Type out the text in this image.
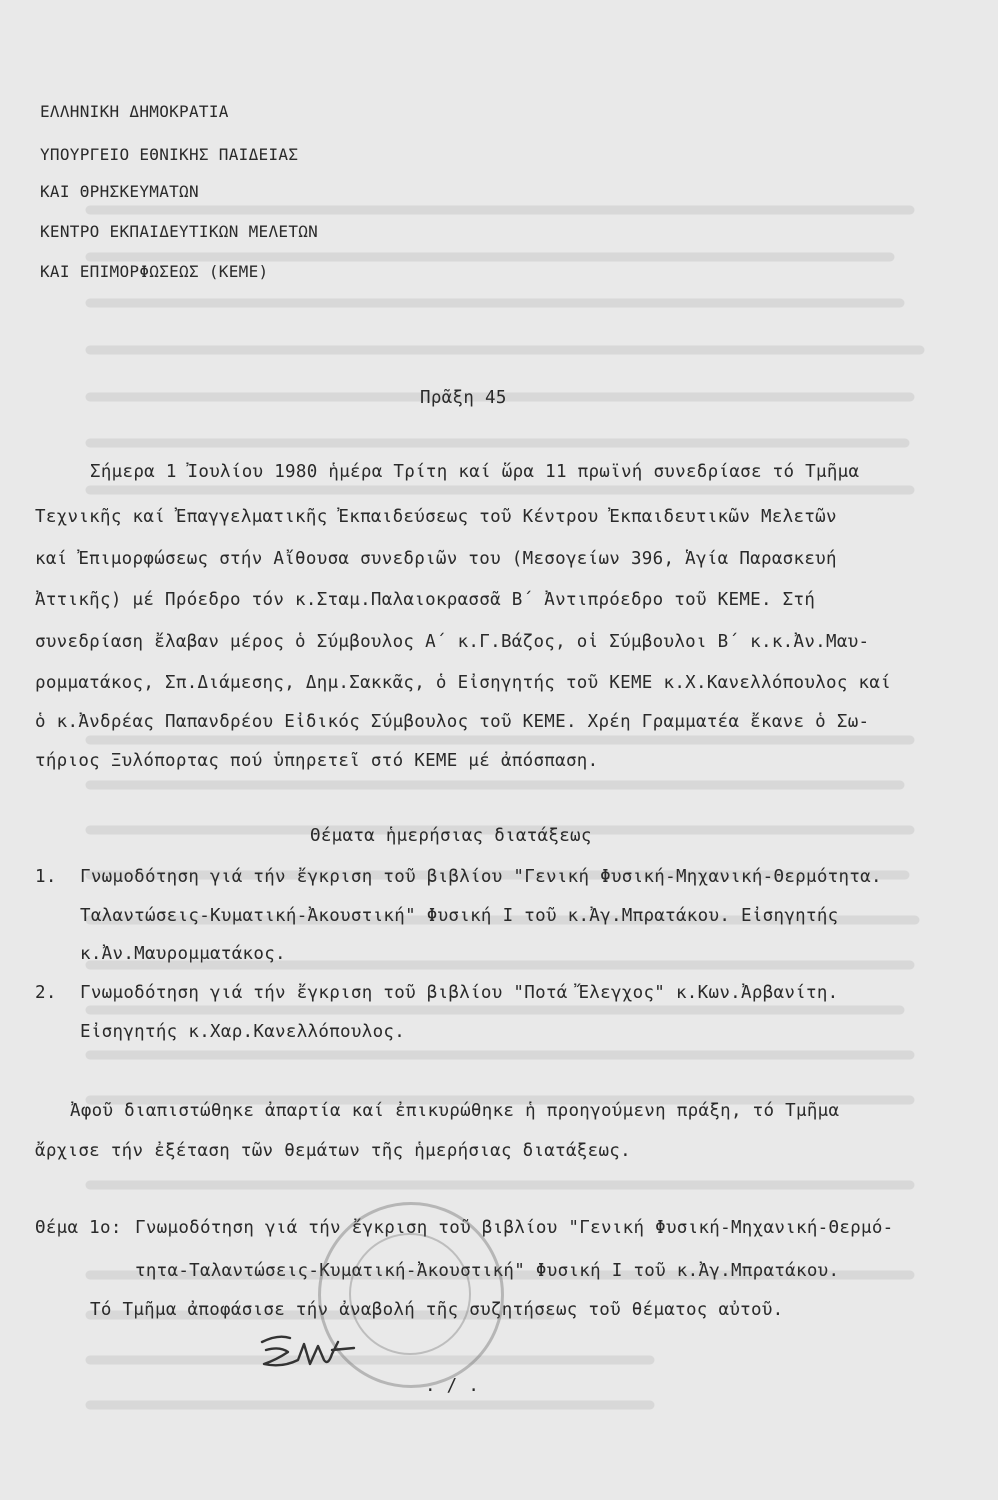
ΕΛΛΗΝΙΚΗ ΔΗΜΟΚΡΑΤΙΑ
ΥΠΟΥΡΓΕΙΟ ΕΘΝΙΚΗΣ ΠΑΙΔΕΙΑΣ
ΚΑΙ ΘΡΗΣΚΕΥΜΑΤΩΝ
ΚΕΝΤΡΟ ΕΚΠΑΙΔΕΥΤΙΚΩΝ ΜΕΛΕΤΩΝ
ΚΑΙ ΕΠΙΜΟΡΦΩΣΕΩΣ (ΚΕΜΕ)
Πρᾶξη 45
Σήμερα 1 Ἰουλίου 1980 ἡμέρα Τρίτη καί ὥρα 11 πρωϊνή συνεδρίασε τό Τμῆμα
Τεχνικῆς καί Ἐπαγγελματικῆς Ἐκπαιδεύσεως τοῦ Κέντρου Ἐκπαιδευτικῶν Μελετῶν
καί Ἐπιμορφώσεως στήν Αἴθουσα συνεδριῶν του (Μεσογείων 396, Ἁγία Παρασκευή
Ἀττικῆς) μέ Πρόεδρο τόν κ.Σταμ.Παλαιοκρασσᾶ Β΄ Ἀντιπρόεδρο τοῦ ΚΕΜΕ. Στή
συνεδρίαση ἔλαβαν μέρος ὁ Σύμβουλος Α΄ κ.Γ.Βάζος, οἱ Σύμβουλοι Β΄ κ.κ.Ἀν.Μαυ-
ρομματάκος, Σπ.Διάμεσης, Δημ.Σακκᾶς, ὁ Εἰσηγητής τοῦ ΚΕΜΕ κ.Χ.Κανελλόπουλος καί
ὁ κ.Ἀνδρέας Παπανδρέου Εἰδικός Σύμβουλος τοῦ ΚΕΜΕ. Χρέη Γραμματέα ἔκανε ὁ Σω-
τήριος Ξυλόπορτας πού ὑπηρετεῖ στό ΚΕΜΕ μέ ἀπόσπαση.
Θέματα ἡμερήσιας διατάξεως
1. Γνωμοδότηση γιά τήν ἔγκριση τοῦ βιβλίου "Γενική Φυσική-Μηχανική-Θερμότητα.
Ταλαντώσεις-Κυματική-Ἀκουστική" Φυσική Ι τοῦ κ.Ἀγ.Μπρατάκου. Εἰσηγητής
κ.Ἀν.Μαυρομματάκος.
2. Γνωμοδότηση γιά τήν ἔγκριση τοῦ βιβλίου "Ποτά Ἔλεγχος" κ.Κων.Ἀρβανίτη.
Εἰσηγητής κ.Χαρ.Κανελλόπουλος.
Ἀφοῦ διαπιστώθηκε ἀπαρτία καί ἐπικυρώθηκε ἡ προηγούμενη πράξη, τό Τμῆμα
ἄρχισε τήν ἐξέταση τῶν θεμάτων τῆς ἡμερήσιας διατάξεως.
Θέμα 1ο: Γνωμοδότηση γιά τήν ἔγκριση τοῦ βιβλίου "Γενική Φυσική-Μηχανική-Θερμό-
τητα-Ταλαντώσεις-Κυματική-Ἀκουστική" Φυσική Ι τοῦ κ.Ἀγ.Μπρατάκου.
Τό Τμῆμα ἀποφάσισε τήν ἀναβολή τῆς συζητήσεως τοῦ θέματος αὐτοῦ.
. / .
